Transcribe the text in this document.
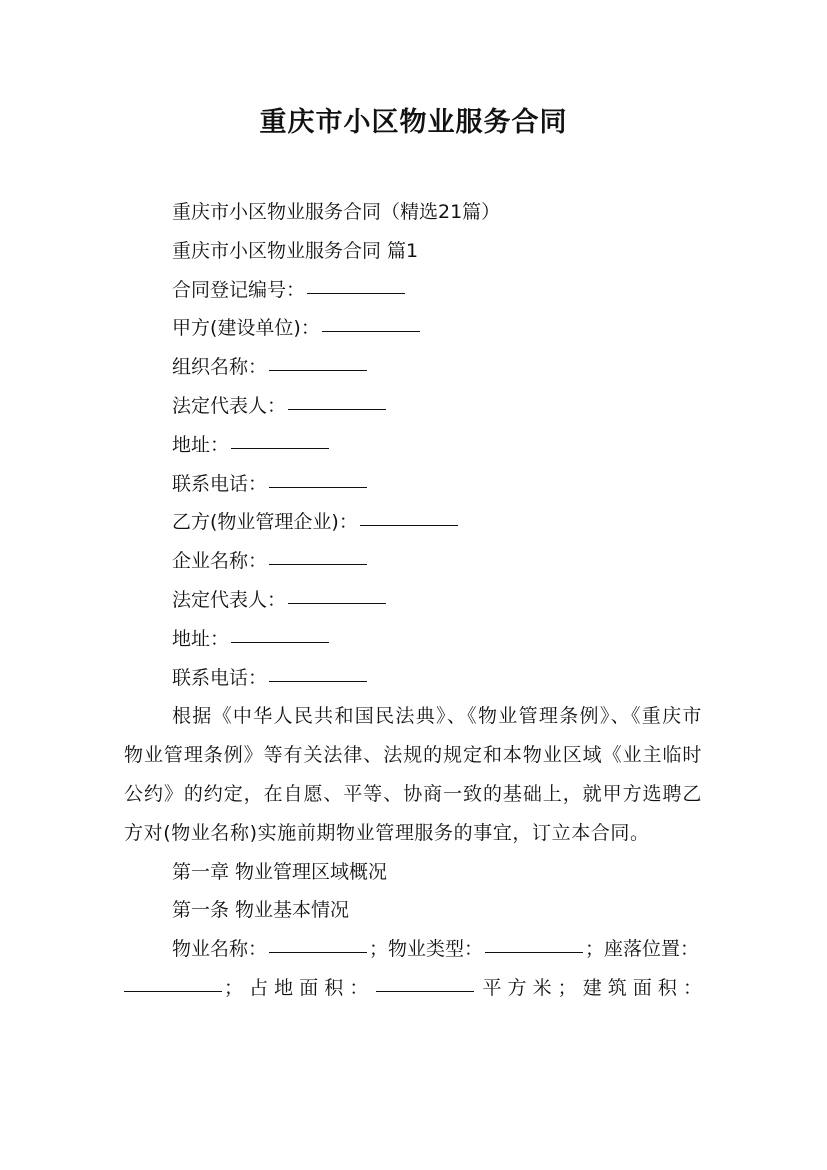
重庆市小区物业服务合同
重庆市小区物业服务合同（精选21篇）
重庆市小区物业服务合同 篇1
合同登记编号：
甲方(建设单位)：
组织名称：
法定代表人：
地址：
联系电话：
乙方(物业管理企业)：
企业名称：
法定代表人：
地址：
联系电话：
根据《中华人民共和国民法典》、《物业管理条例》、《重庆市物业管理条例》等有关法律、法规的规定和本物业区域《业主临时公约》的约定，在自愿、平等、协商一致的基础上，就甲方选聘乙方对(物业名称)实施前期物业管理服务的事宜，订立本合同。
第一章 物业管理区域概况
第一条 物业基本情况
物业名称：	；物业类型：	；座落位置：
；占地面积：	平方米；建筑面积：
